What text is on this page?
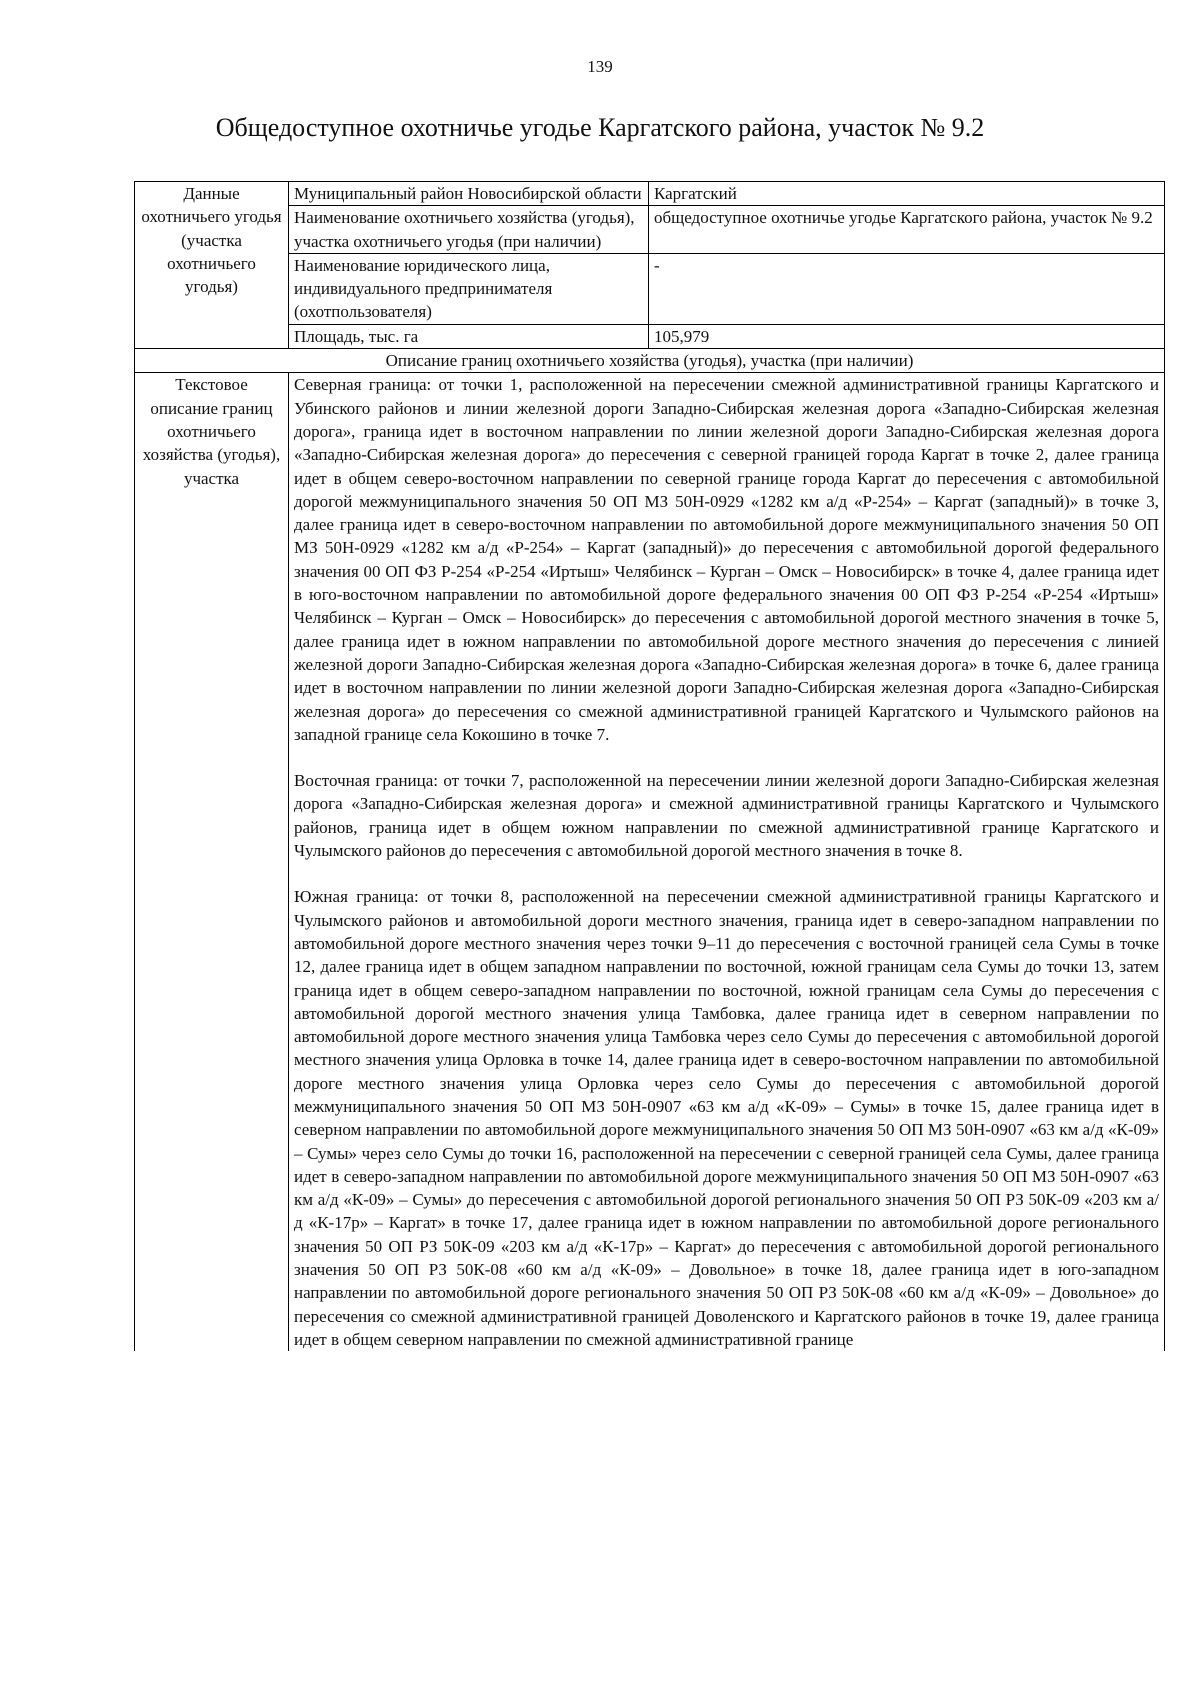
139
Общедоступное охотничье угодье Каргатского района, участок № 9.2
Данные охотничьего угодья (участка охотничьего угодья)	Муниципальный район Новосибирской области	Каргатский
	Наименование охотничьего хозяйства (угодья), участка охотничьего угодья (при наличии)	общедоступное охотничье угодье Каргатского района, участок № 9.2
	Наименование юридического лица, индивидуального предпринимателя (охотпользователя)	-
	Площадь, тыс. га	105,979
Описание границ охотничьего хозяйства (угодья), участка (при наличии)		
Текстовое описание границ охотничьего хозяйства (угодья), участка	Северная граница: от точки 1, расположенной на пересечении смежной административной границы Каргатского и Убинского районов и линии железной дороги Западно-Сибирская железная дорога «Западно-Сибирская железная дорога», граница идет в восточном направлении по линии железной дороги Западно-Сибирская железная дорога «Западно-Сибирская железная дорога» до пересечения с северной границей города Каргат в точке 2, далее граница идет в общем северо-восточном направлении по северной границе города Каргат до пересечения с автомобильной дорогой межмуниципального значения 50 ОП МЗ 50Н-0929 «1282 км а/д «Р-254» – Каргат (западный)» в точке 3, далее граница идет в северо-восточном направлении по автомобильной дороге межмуниципального значения 50 ОП МЗ 50Н-0929 «1282 км а/д «Р-254» – Каргат (западный)» до пересечения с автомобильной дорогой федерального значения 00 ОП ФЗ Р-254 «Р-254 «Иртыш» Челябинск – Курган – Омск – Новосибирск» в точке 4, далее граница идет в юго-восточном направлении по автомобильной дороге федерального значения 00 ОП ФЗ Р-254 «Р-254 «Иртыш» Челябинск – Курган – Омск – Новосибирск» до пересечения с автомобильной дорогой местного значения в точке 5, далее граница идет в южном направлении по автомобильной дороге местного значения до пересечения с линией железной дороги Западно-Сибирская железная дорога «Западно-Сибирская железная дорога» в точке 6, далее граница идет в восточном направлении по линии железной дороги Западно-Сибирская железная дорога «Западно-Сибирская железная дорога» до пересечения со смежной административной границей Каргатского и Чулымского районов на западной границе села Кокошино в точке 7.

Восточная граница: от точки 7, расположенной на пересечении линии железной дороги Западно-Сибирская железная дорога «Западно-Сибирская железная дорога» и смежной административной границы Каргатского и Чулымского районов, граница идет в общем южном направлении по смежной административной границе Каргатского и Чулымского районов до пересечения с автомобильной дорогой местного значения в точке 8.

Южная граница: от точки 8, расположенной на пересечении смежной административной границы Каргатского и Чулымского районов и автомобильной дороги местного значения, граница идет в северо-западном направлении по автомобильной дороге местного значения через точки 9–11 до пересечения с восточной границей села Сумы в точке 12, далее граница идет в общем западном направлении по восточной, южной границам села Сумы до точки 13, затем граница идет в общем северо-западном направлении по восточной, южной границам села Сумы до пересечения с автомобильной дорогой местного значения улица Тамбовка, далее граница идет в северном направлении по автомобильной дороге местного значения улица Тамбовка через село Сумы до пересечения с автомобильной дорогой местного значения улица Орловка в точке 14, далее граница идет в северо-восточном направлении по автомобильной дороге местного значения улица Орловка через село Сумы до пересечения с автомобильной дорогой межмуниципального значения 50 ОП МЗ 50Н-0907 «63 км а/д «К-09» – Сумы» в точке 15, далее граница идет в северном направлении по автомобильной дороге межмуниципального значения 50 ОП МЗ 50Н-0907 «63 км а/д «К-09» – Сумы» через село Сумы до точки 16, расположенной на пересечении с северной границей села Сумы, далее граница идет в северо-западном направлении по автомобильной дороге межмуниципального значения 50 ОП МЗ 50Н-0907 «63 км а/д «К-09» – Сумы» до пересечения с автомобильной дорогой регионального значения 50 ОП РЗ 50К-09 «203 км а/д «К-17р» – Каргат» в точке 17, далее граница идет в южном направлении по автомобильной дороге регионального значения 50 ОП РЗ 50К-09 «203 км а/д «К-17р» – Каргат» до пересечения с автомобильной дорогой регионального значения 50 ОП РЗ 50К-08 «60 км а/д «К-09» – Довольное» в точке 18, далее граница идет в юго-западном направлении по автомобильной дороге регионального значения 50 ОП РЗ 50К-08 «60 км а/д «К-09» – Довольное» до пересечения со смежной административной границей Доволенского и Каргатского районов в точке 19, далее граница идет в общем северном направлении по смежной административной границе	
